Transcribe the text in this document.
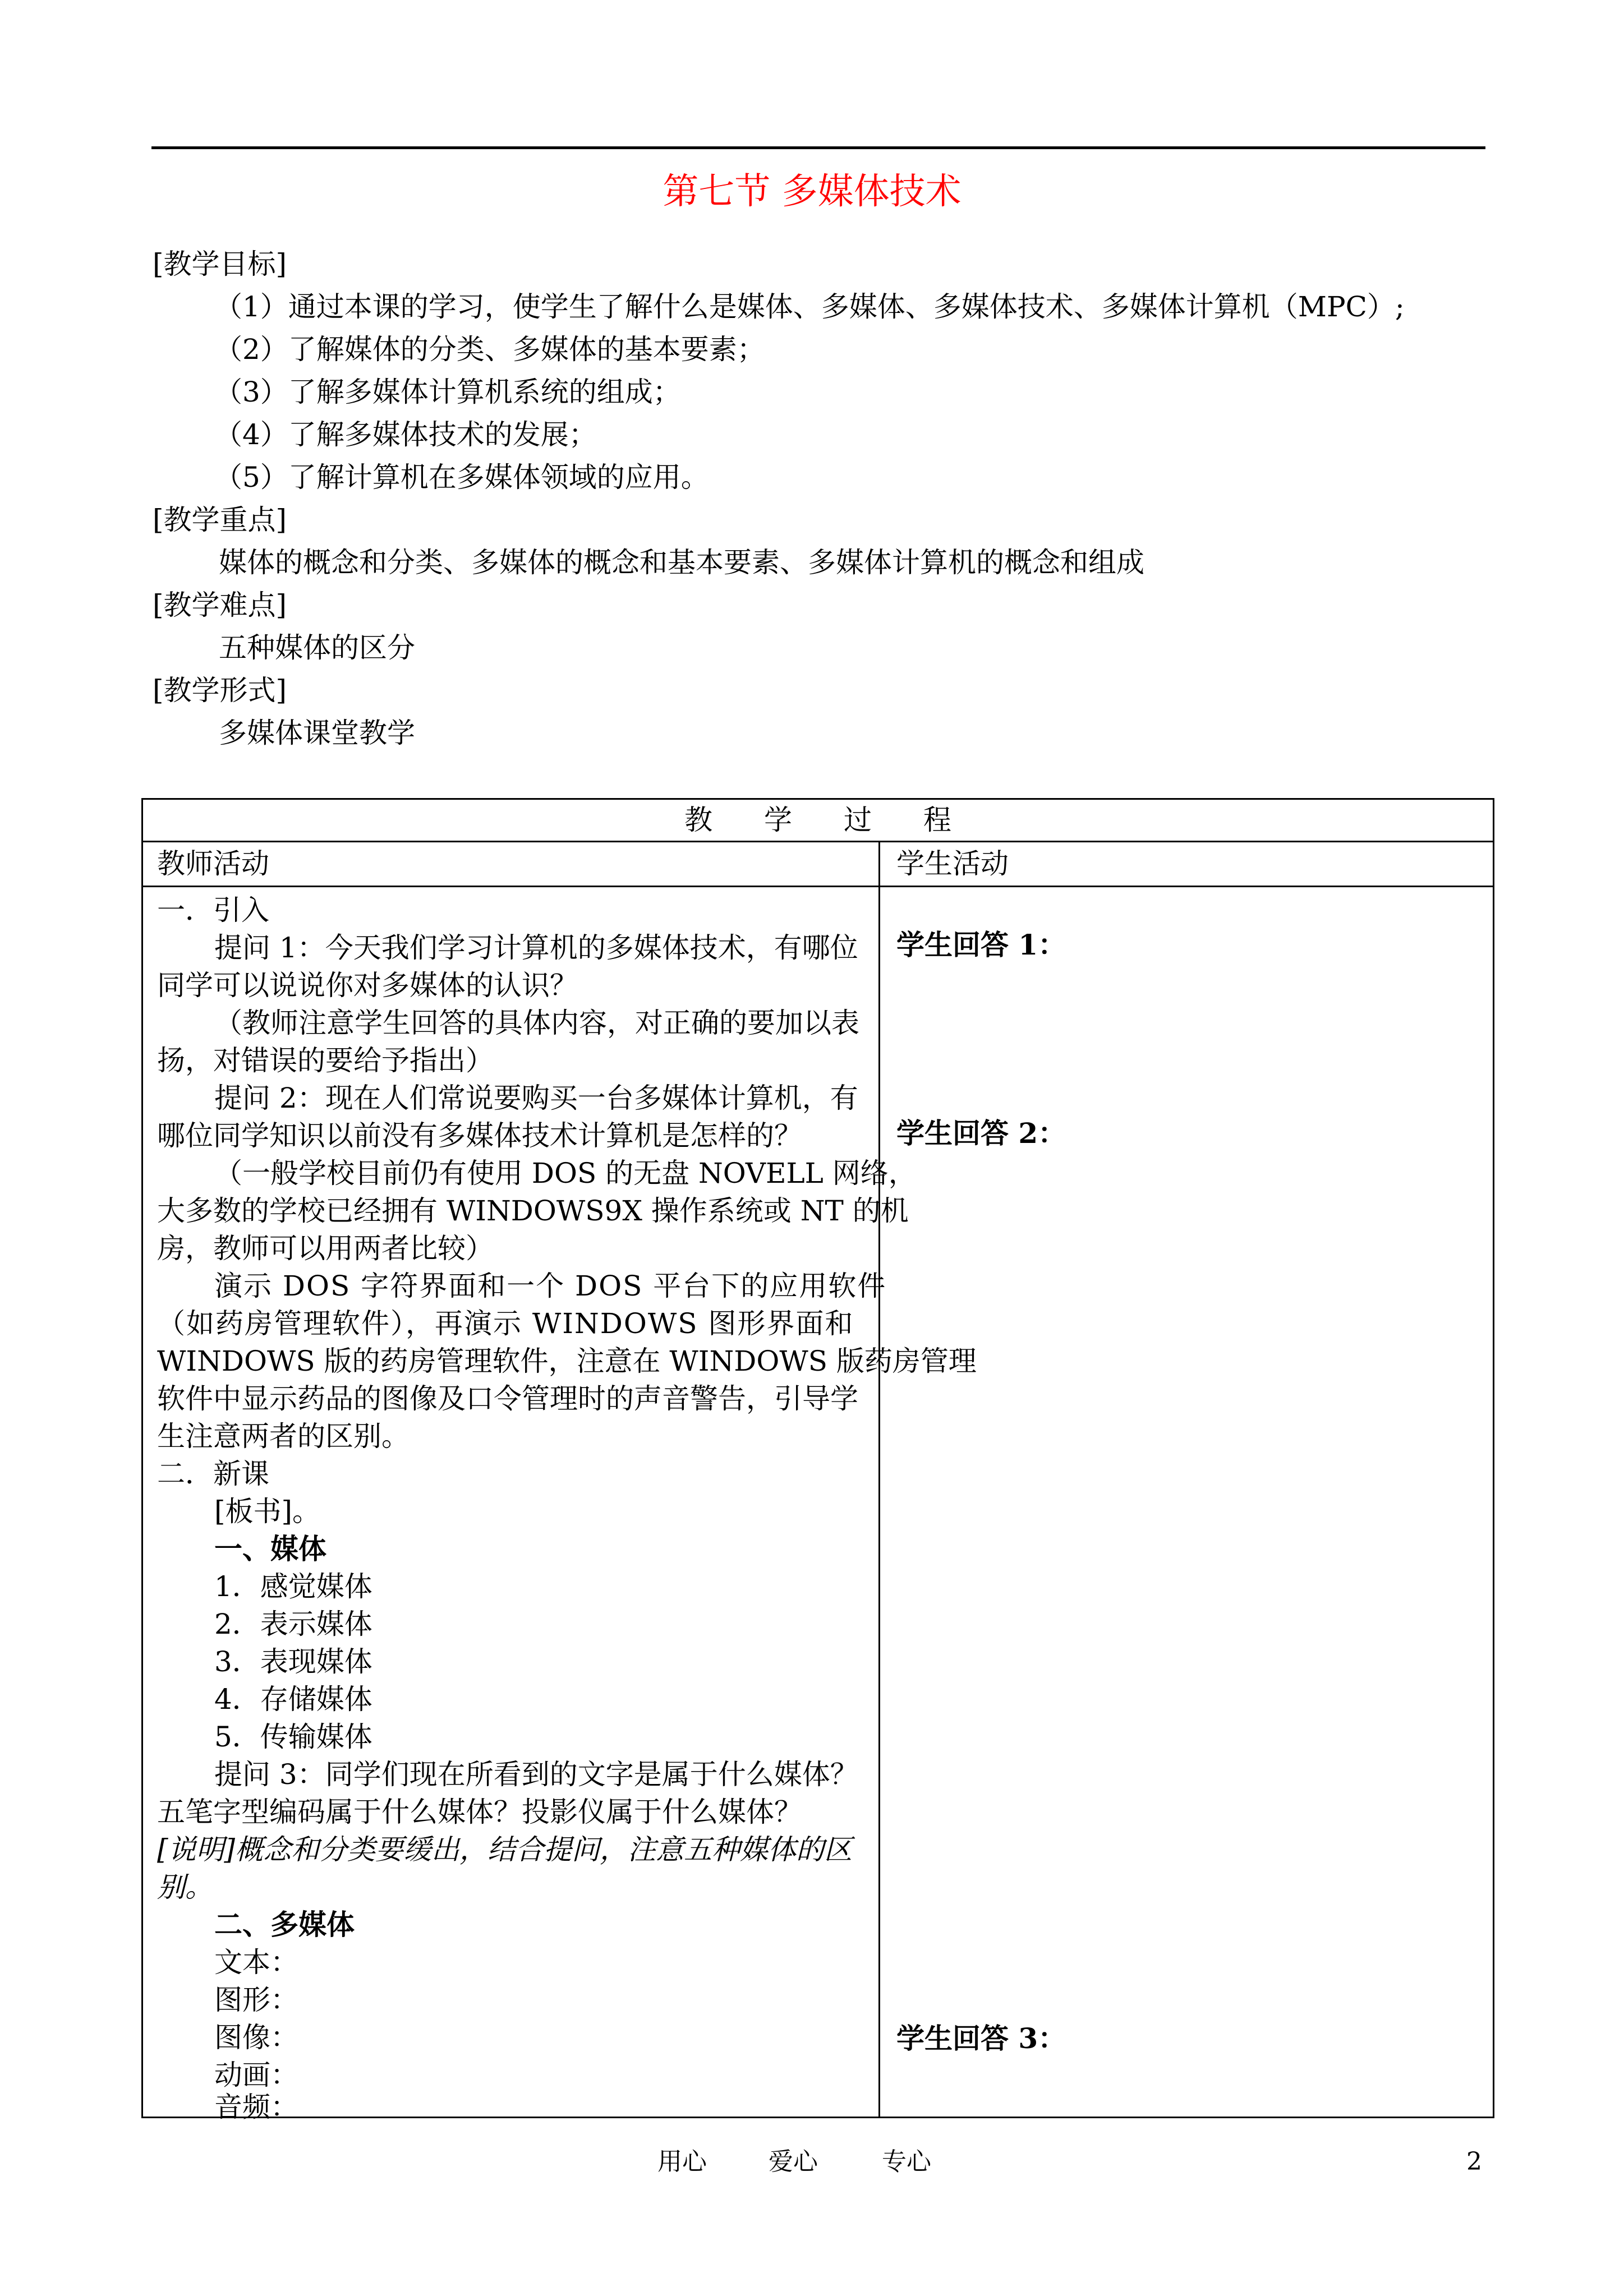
第七节 多媒体技术
[教学目标]
（1）通过本课的学习，使学生了解什么是媒体、多媒体、多媒体技术、多媒体计算机（MPC）;
（2）了解媒体的分类、多媒体的基本要素；
（3）了解多媒体计算机系统的组成；
（4）了解多媒体技术的发展；
（5）了解计算机在多媒体领域的应用。
[教学重点]
媒体的概念和分类、多媒体的概念和基本要素、多媒体计算机的概念和组成
[教学难点]
五种媒体的区分
[教学形式]
多媒体课堂教学
教 学 过 程
教师活动	学生活动
一．引入
提问 1：今天我们学习计算机的多媒体技术，有哪位
同学可以说说你对多媒体的认识？
（教师注意学生回答的具体内容，对正确的要加以表
扬，对错误的要给予指出）
提问 2：现在人们常说要购买一台多媒体计算机，有
哪位同学知识以前没有多媒体技术计算机是怎样的？
（一般学校目前仍有使用 DOS 的无盘 NOVELL 网络，
大多数的学校已经拥有 WINDOWS9X 操作系统或 NT 的机
房，教师可以用两者比较）
演示 DOS 字符界面和一个 DOS 平台下的应用软件
（如药房管理软件），再演示 WINDOWS 图形界面和
WINDOWS 版的药房管理软件，注意在 WINDOWS 版药房管理
软件中显示药品的图像及口令管理时的声音警告，引导学
生注意两者的区别。
二．新课
[板书]。
一、媒体
1．感觉媒体
2．表示媒体
3．表现媒体
4．存储媒体
5．传输媒体
提问 3：同学们现在所看到的文字是属于什么媒体？
五笔字型编码属于什么媒体？投影仪属于什么媒体？
[说明]概念和分类要缓出，结合提问，注意五种媒体的区
别。
二、多媒体
文本：
图形：
图像：
动画：
音频：
学生回答 1：
学生回答 2：
学生回答 3：
用心	爱心	专心	2
